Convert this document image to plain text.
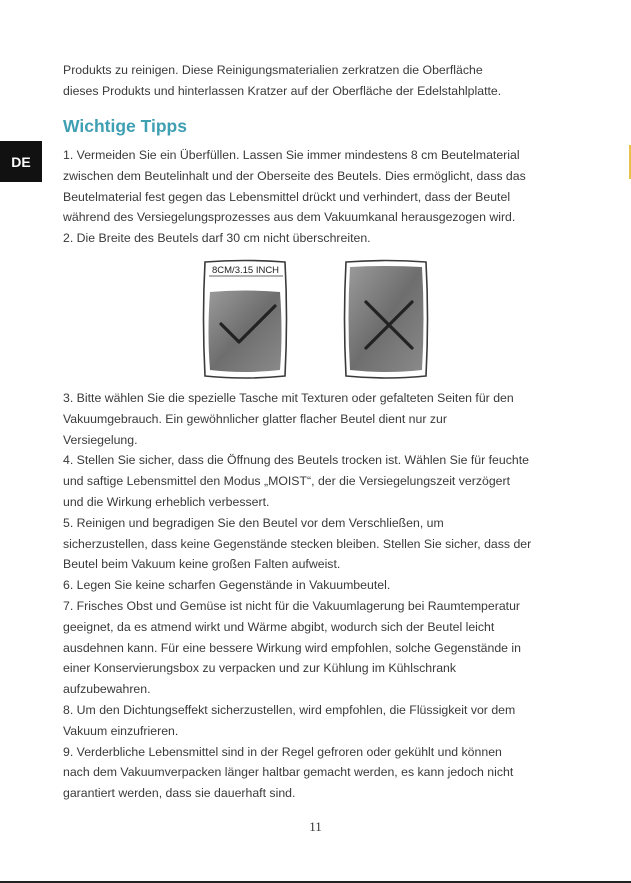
DE
Produkts zu reinigen. Diese Reinigungsmaterialien zerkratzen die Oberfläche
dieses Produkts und hinterlassen Kratzer auf der Oberfläche der Edelstahlplatte.
Wichtige Tipps
1. Vermeiden Sie ein Überfüllen. Lassen Sie immer mindestens 8 cm Beutelmaterial
zwischen dem Beutelinhalt und der Oberseite des Beutels. Dies ermöglicht, dass das
Beutelmaterial fest gegen das Lebensmittel drückt und verhindert, dass der Beutel
während des Versiegelungsprozesses aus dem Vakuumkanal herausgezogen wird.
2. Die Breite des Beutels darf 30 cm nicht überschreiten.
8CM/3.15 INCH
3. Bitte wählen Sie die spezielle Tasche mit Texturen oder gefalteten Seiten für den
Vakuumgebrauch. Ein gewöhnlicher glatter flacher Beutel dient nur zur
Versiegelung.
4. Stellen Sie sicher, dass die Öffnung des Beutels trocken ist. Wählen Sie für feuchte
und saftige Lebensmittel den Modus „MOIST“, der die Versiegelungszeit verzögert
und die Wirkung erheblich verbessert.
5. Reinigen und begradigen Sie den Beutel vor dem Verschließen, um
sicherzustellen, dass keine Gegenstände stecken bleiben. Stellen Sie sicher, dass der
Beutel beim Vakuum keine großen Falten aufweist.
6. Legen Sie keine scharfen Gegenstände in Vakuumbeutel.
7. Frisches Obst und Gemüse ist nicht für die Vakuumlagerung bei Raumtemperatur
geeignet, da es atmend wirkt und Wärme abgibt, wodurch sich der Beutel leicht
ausdehnen kann. Für eine bessere Wirkung wird empfohlen, solche Gegenstände in
einer Konservierungsbox zu verpacken und zur Kühlung im Kühlschrank
aufzubewahren.
8. Um den Dichtungseffekt sicherzustellen, wird empfohlen, die Flüssigkeit vor dem
Vakuum einzufrieren.
9. Verderbliche Lebensmittel sind in der Regel gefroren oder gekühlt und können
nach dem Vakuumverpacken länger haltbar gemacht werden, es kann jedoch nicht
garantiert werden, dass sie dauerhaft sind.
11
